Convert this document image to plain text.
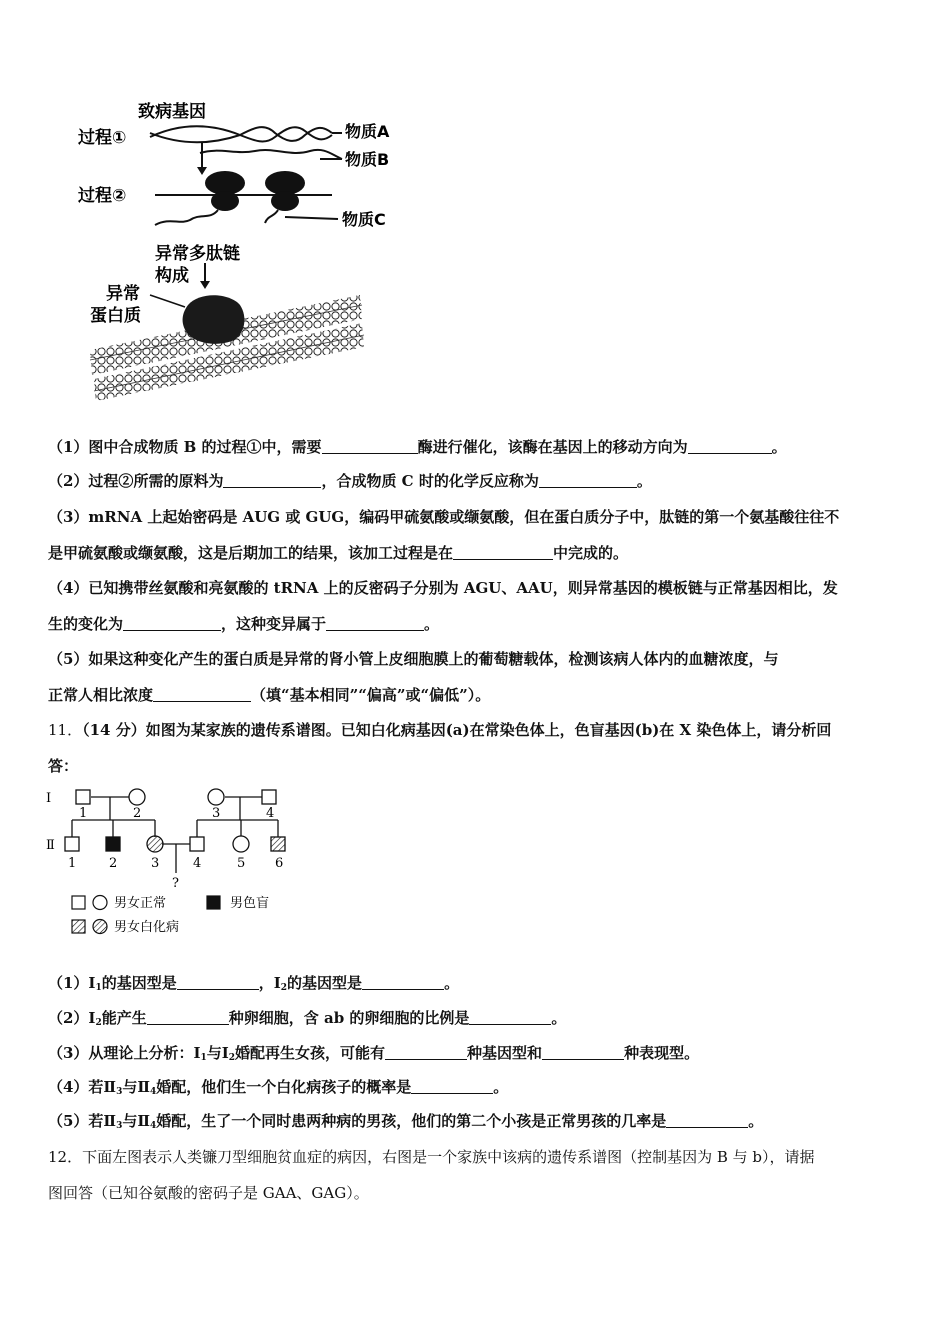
致病基因
过程①
过程②
物质A
物质B
物质C
异常多肽链
构成
异常
蛋白质
（1）图中合成物质 B 的过程①中，需要	酶进行催化，该酶在基因上的移动方向为	。
（2）过程②所需的原料为	，合成物质 C 时的化学反应称为	。
（3）mRNA 上起始密码是 AUG 或 GUG，编码甲硫氨酸或缬氨酸，但在蛋白质分子中，肽链的第一个氨基酸往往不
是甲硫氨酸或缬氨酸，这是后期加工的结果，该加工过程是在	中完成的。
（4）已知携带丝氨酸和亮氨酸的 tRNA 上的反密码子分别为 AGU、AAU，则异常基因的模板链与正常基因相比，发
生的变化为	，这种变异属于	。
（5）如果这种变化产生的蛋白质是异常的肾小管上皮细胞膜上的葡萄糖载体，检测该病人体内的血糖浓度，与
正常人相比浓度	（填“基本相同”“偏高”或“偏低”）。
11．（14 分）如图为某家族的遗传系谱图。已知白化病基因(a)在常染色体上，色盲基因(b)在 X 染色体上，请分析回
答：
Ⅰ
Ⅱ
1	2	3	4
1	2	3	4	5 6
?
男女正常	男色盲
男女白化病
$(1)Ⅰ_1$的基因型是	，$Ⅰ_2$的基因型是	。
$(2)Ⅰ_2$能产生	种卵细胞，含 ab 的卵细胞的比例是	。
（3）从理论上分析：$Ⅰ_1$与$Ⅰ_2$婚配再生女孩，可能有	种基因型和	种表现型。
（4）若$Ⅱ_3$与$Ⅱ_4$婚配，他们生一个白化病孩子的概率是	。
（5）若$Ⅱ_3$与$Ⅱ_4$婚配，生了一个同时患两种病的男孩，他们的第二个小孩是正常男孩的几率是	。
12．下面左图表示人类镰刀型细胞贫血症的病因，右图是一个家族中该病的遗传系谱图（控制基因为 B 与 b），请据
图回答（已知谷氨酸的密码子是 GAA、GAG）。
